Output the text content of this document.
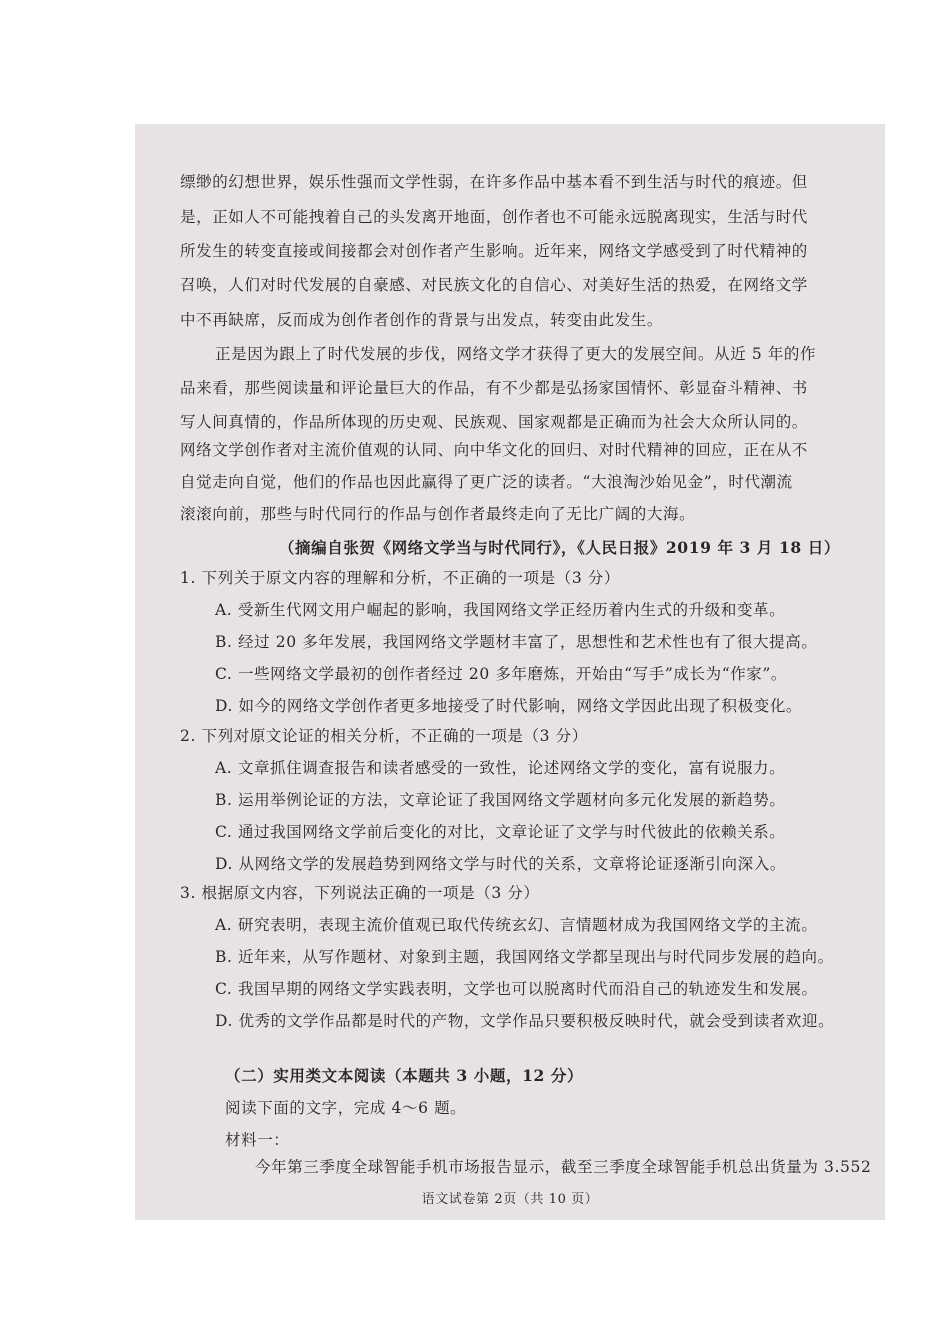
缥缈的幻想世界，娱乐性强而文学性弱，在许多作品中基本看不到生活与时代的痕迹。但
是，正如人不可能拽着自己的头发离开地面，创作者也不可能永远脱离现实，生活与时代
所发生的转变直接或间接都会对创作者产生影响。近年来，网络文学感受到了时代精神的
召唤，人们对时代发展的自豪感、对民族文化的自信心、对美好生活的热爱，在网络文学
中不再缺席，反而成为创作者创作的背景与出发点，转变由此发生。
正是因为跟上了时代发展的步伐，网络文学才获得了更大的发展空间。从近 5 年的作
品来看，那些阅读量和评论量巨大的作品，有不少都是弘扬家国情怀、彰显奋斗精神、书
写人间真情的，作品所体现的历史观、民族观、国家观都是正确而为社会大众所认同的。
网络文学创作者对主流价值观的认同、向中华文化的回归、对时代精神的回应，正在从不
自觉走向自觉，他们的作品也因此赢得了更广泛的读者。“大浪淘沙始见金”，时代潮流
滚滚向前，那些与时代同行的作品与创作者最终走向了无比广阔的大海。
（摘编自张贺《网络文学当与时代同行》，《人民日报》2019 年 3 月 18 日）
1. 下列关于原文内容的理解和分析，不正确的一项是（3 分）
A. 受新生代网文用户崛起的影响，我国网络文学正经历着内生式的升级和变革。
B. 经过 20 多年发展，我国网络文学题材丰富了，思想性和艺术性也有了很大提高。
C. 一些网络文学最初的创作者经过 20 多年磨炼，开始由“写手”成长为“作家”。
D. 如今的网络文学创作者更多地接受了时代影响，网络文学因此出现了积极变化。
2. 下列对原文论证的相关分析，不正确的一项是（3 分）
A. 文章抓住调查报告和读者感受的一致性，论述网络文学的变化，富有说服力。
B. 运用举例论证的方法，文章论证了我国网络文学题材向多元化发展的新趋势。
C. 通过我国网络文学前后变化的对比，文章论证了文学与时代彼此的依赖关系。
D. 从网络文学的发展趋势到网络文学与时代的关系，文章将论证逐渐引向深入。
3. 根据原文内容，下列说法正确的一项是（3 分）
A. 研究表明，表现主流价值观已取代传统玄幻、言情题材成为我国网络文学的主流。
B. 近年来，从写作题材、对象到主题，我国网络文学都呈现出与时代同步发展的趋向。
C. 我国早期的网络文学实践表明，文学也可以脱离时代而沿自己的轨迹发生和发展。
D. 优秀的文学作品都是时代的产物，文学作品只要积极反映时代，就会受到读者欢迎。
（二）实用类文本阅读（本题共 3 小题，12 分）
阅读下面的文字，完成 4～6 题。
材料一：
今年第三季度全球智能手机市场报告显示，截至三季度全球智能手机总出货量为 3.552
语文试卷第 2页（共 10 页）
